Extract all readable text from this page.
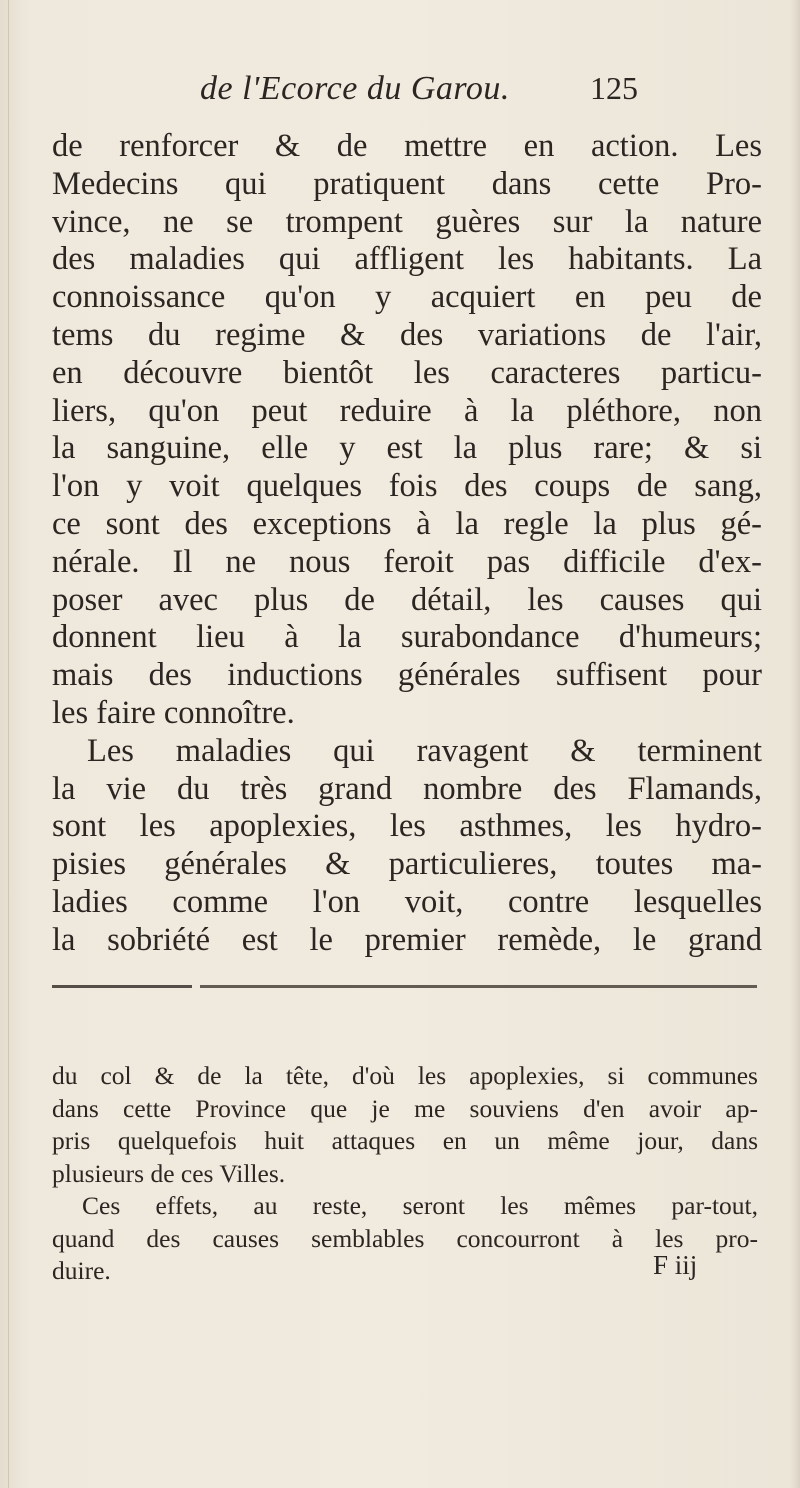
de l'Ecorce du Garou.	125
de renforcer & de mettre en action. Les
Medecins qui pratiquent dans cette Pro-
vince, ne se trompent guères sur la nature
des maladies qui affligent les habitants. La
connoissance qu'on y acquiert en peu de
tems du regime & des variations de l'air,
en découvre bientôt les caracteres particu-
liers, qu'on peut reduire à la pléthore, non
la sanguine, elle y est la plus rare; & si
l'on y voit quelques fois des coups de sang,
ce sont des exceptions à la regle la plus gé-
nérale. Il ne nous feroit pas difficile d'ex-
poser avec plus de détail, les causes qui
donnent lieu à la surabondance d'humeurs;
mais des inductions générales suffisent pour
les faire connoître.
Les maladies qui ravagent & terminent
la vie du très grand nombre des Flamands,
sont les apoplexies, les asthmes, les hydro-
pisies générales & particulieres, toutes ma-
ladies comme l'on voit, contre lesquelles
la sobriété est le premier remède, le grand
du col & de la tête, d'où les apoplexies, si communes
dans cette Province que je me souviens d'en avoir ap-
pris quelquefois huit attaques en un même jour, dans
plusieurs de ces Villes.
Ces effets, au reste, seront les mêmes par-tout,
quand des causes semblables concourront à les pro-
duire.	F iij
